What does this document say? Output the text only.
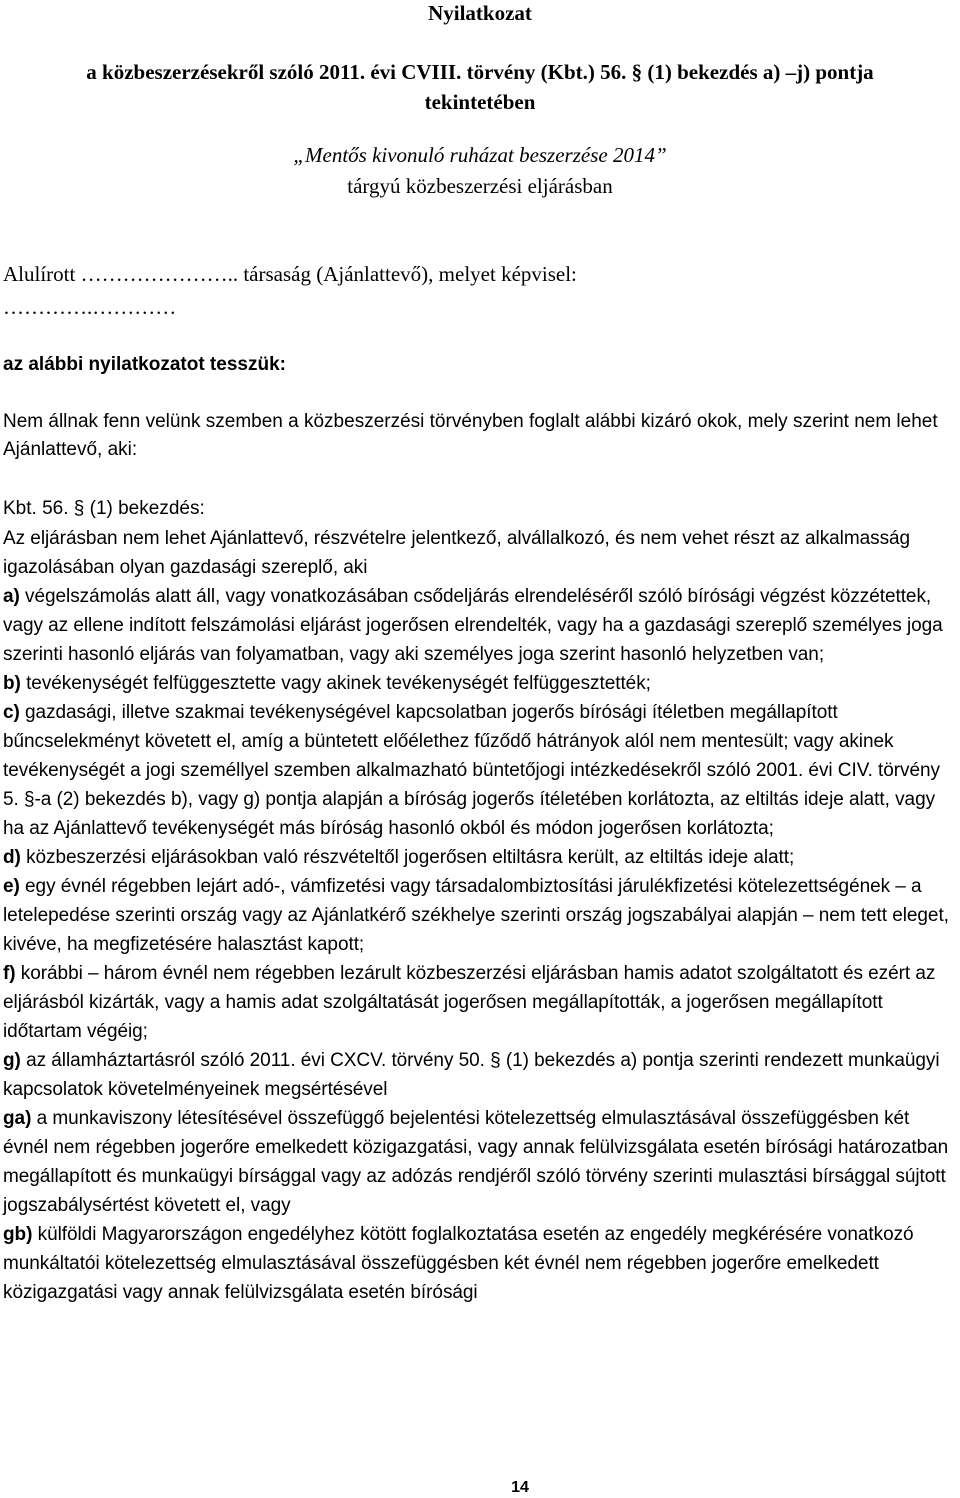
Nyilatkozat
a közbeszerzésekről szóló 2011. évi CVIII. törvény (Kbt.) 56. § (1) bekezdés a) –j) pontja
tekintetében
„Mentős kivonuló ruházat beszerzése 2014”
tárgyú közbeszerzési eljárásban
Alulírott ………………….. társaság (Ajánlattevő), melyet képvisel:
………….…………
az alábbi nyilatkozatot tesszük:
Nem állnak fenn velünk szemben a közbeszerzési törvényben foglalt alábbi kizáró okok, mely szerint nem lehet Ajánlattevő, aki:
Kbt. 56. § (1) bekezdés:

Az eljárásban nem lehet Ajánlattevő, részvételre jelentkező, alvállalkozó, és nem vehet részt az alkalmasság igazolásában olyan gazdasági szereplő, aki

a) végelszámolás alatt áll, vagy vonatkozásában csődeljárás elrendeléséről szóló bírósági végzést közzétettek, vagy az ellene indított felszámolási eljárást jogerősen elrendelték, vagy ha a gazdasági szereplő személyes joga szerinti hasonló eljárás van folyamatban, vagy aki személyes joga szerint hasonló helyzetben van;

b) tevékenységét felfüggesztette vagy akinek tevékenységét felfüggesztették;

c) gazdasági, illetve szakmai tevékenységével kapcsolatban jogerős bírósági ítéletben megállapított bűncselekményt követett el, amíg a büntetett előélethez fűződő hátrányok alól nem mentesült; vagy akinek tevékenységét a jogi személlyel szemben alkalmazható büntetőjogi intézkedésekről szóló 2001. évi CIV. törvény 5. §-a (2) bekezdés b), vagy g) pontja alapján a bíróság jogerős ítéletében korlátozta, az eltiltás ideje alatt, vagy ha az Ajánlattevő tevékenységét más bíróság hasonló okból és módon jogerősen korlátozta;

d) közbeszerzési eljárásokban való részvételtől jogerősen eltiltásra került, az eltiltás ideje alatt;

e) egy évnél régebben lejárt adó-, vámfizetési vagy társadalombiztosítási járulékfizetési kötelezettségének – a letelepedése szerinti ország vagy az Ajánlatkérő székhelye szerinti ország jogszabályai alapján – nem tett eleget, kivéve, ha megfizetésére halasztást kapott;

f) korábbi – három évnél nem régebben lezárult közbeszerzési eljárásban hamis adatot szolgáltatott és ezért az eljárásból kizárták, vagy a hamis adat szolgáltatását jogerősen megállapították, a jogerősen megállapított időtartam végéig;

g) az államháztartásról szóló 2011. évi CXCV. törvény 50. § (1) bekezdés a) pontja szerinti rendezett munkaügyi kapcsolatok követelményeinek megsértésével

ga) a munkaviszony létesítésével összefüggő bejelentési kötelezettség elmulasztásával összefüggésben két évnél nem régebben jogerőre emelkedett közigazgatási, vagy annak felülvizsgálata esetén bírósági határozatban megállapított és munkaügyi bírsággal vagy az adózás rendjéről szóló törvény szerinti mulasztási bírsággal sújtott jogszabálysértést követett el, vagy

gb) külföldi Magyarországon engedélyhez kötött foglalkoztatása esetén az engedély megkérésére vonatkozó munkáltatói kötelezettség elmulasztásával összefüggésben két évnél nem régebben jogerőre emelkedett közigazgatási vagy annak felülvizsgálata esetén bírósági

14
